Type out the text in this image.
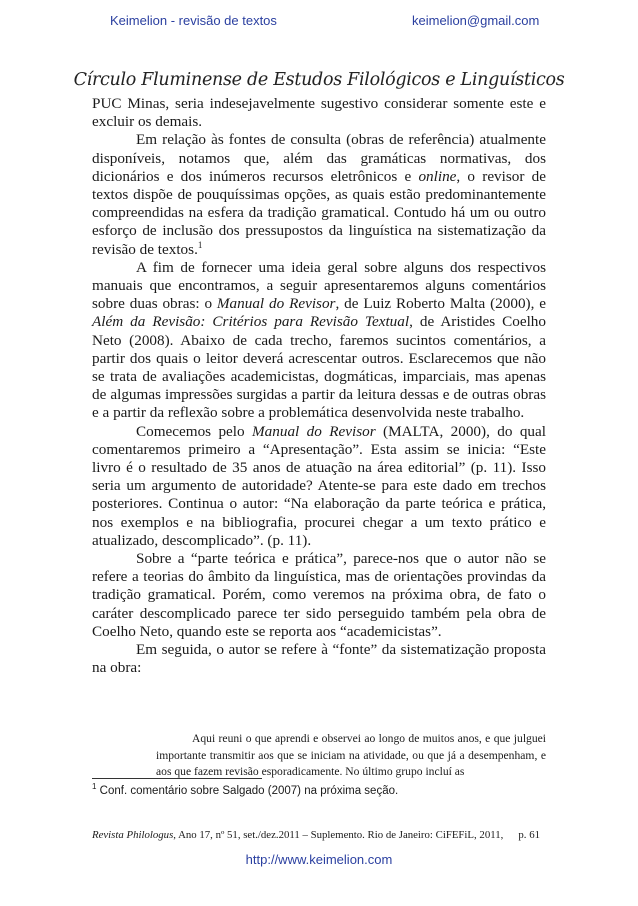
Keimelion - revisão de textos	keimelion@gmail.com
Círculo Fluminense de Estudos Filológicos e Linguísticos

PUC Minas, seria indesejavelmente sugestivo considerar somente este e excluir os demais.

Em relação às fontes de consulta (obras de referência) atualmente disponíveis, notamos que, além das gramáticas normativas, dos dicionários e dos inúmeros recursos eletrônicos e online, o revisor de textos dispõe de pouquíssimas opções, as quais estão predominantemente compreendidas na esfera da tradição gramatical. Contudo há um ou outro esforço de inclusão dos pressupostos da linguística na sistematização da revisão de textos.$^1$

A fim de fornecer uma ideia geral sobre alguns dos respectivos manuais que encontramos, a seguir apresentaremos alguns comentários sobre duas obras: o Manual do Revisor, de Luiz Roberto Malta (2000), e Além da Revisão: Critérios para Revisão Textual, de Aristides Coelho Neto (2008). Abaixo de cada trecho, faremos sucintos comentários, a partir dos quais o leitor deverá acrescentar outros. Esclarecemos que não se trata de avaliações academicistas, dogmáticas, imparciais, mas apenas de algumas impressões surgidas a partir da leitura dessas e de outras obras e a partir da reflexão sobre a problemática desenvolvida neste trabalho.

Comecemos pelo Manual do Revisor (MALTA, 2000), do qual comentaremos primeiro a “Apresentação”. Esta assim se inicia: “Este livro é o resultado de 35 anos de atuação na área editorial” (p. 11). Isso seria um argumento de autoridade? Atente-se para este dado em trechos posteriores. Continua o autor: “Na elaboração da parte teórica e prática, nos exemplos e na bibliografia, procurei chegar a um texto prático e atualizado, descomplicado”. (p. 11).

Sobre a “parte teórica e prática”, parece-nos que o autor não se refere a teorias do âmbito da linguística, mas de orientações provindas da tradição gramatical. Porém, como veremos na próxima obra, de fato o caráter descomplicado parece ter sido perseguido também pela obra de Coelho Neto, quando este se reporta aos “academicistas”.

Em seguida, o autor se refere à “fonte” da sistematização proposta na obra:

Aqui reuni o que aprendi e observei ao longo de muitos anos, e que julguei importante transmitir aos que se iniciam na atividade, ou que já a desempenham, e aos que fazem revisão esporadicamente. No último grupo incluí as
$^1$ Conf. comentário sobre Salgado (2007) na próxima seção.
Revista Philologus, Ano 17, nº 51, set./dez.2011 – Suplemento. Rio de Janeiro: CiFEFiL, 2011, p. 61
http://www.keimelion.com
